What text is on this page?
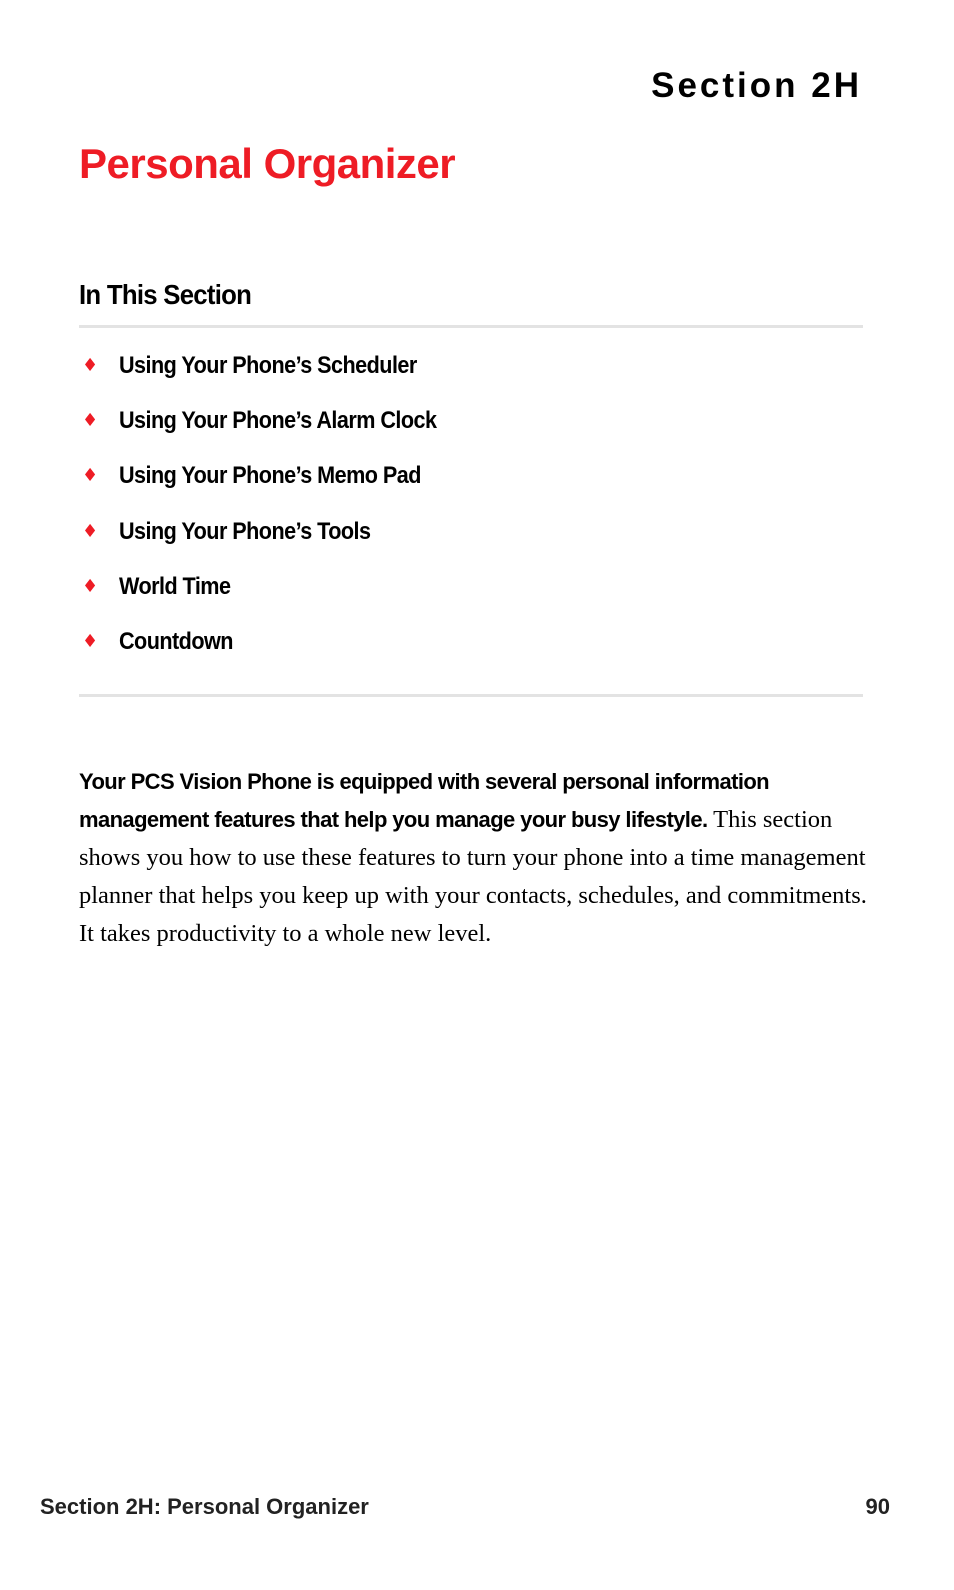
Section 2H
Personal Organizer
In This Section
♦ Using Your Phone’s Scheduler
♦ Using Your Phone’s Alarm Clock
♦ Using Your Phone’s Memo Pad
♦ Using Your Phone’s Tools
♦ World Time
♦ Countdown

Your PCS Vision Phone is equipped with several personal information management features that help you manage your busy lifestyle. This section shows you how to use these features to turn your phone into a time management planner that helps you keep up with your contacts, schedules, and commitments. It takes productivity to a whole new level.

Section 2H: Personal Organizer	90
